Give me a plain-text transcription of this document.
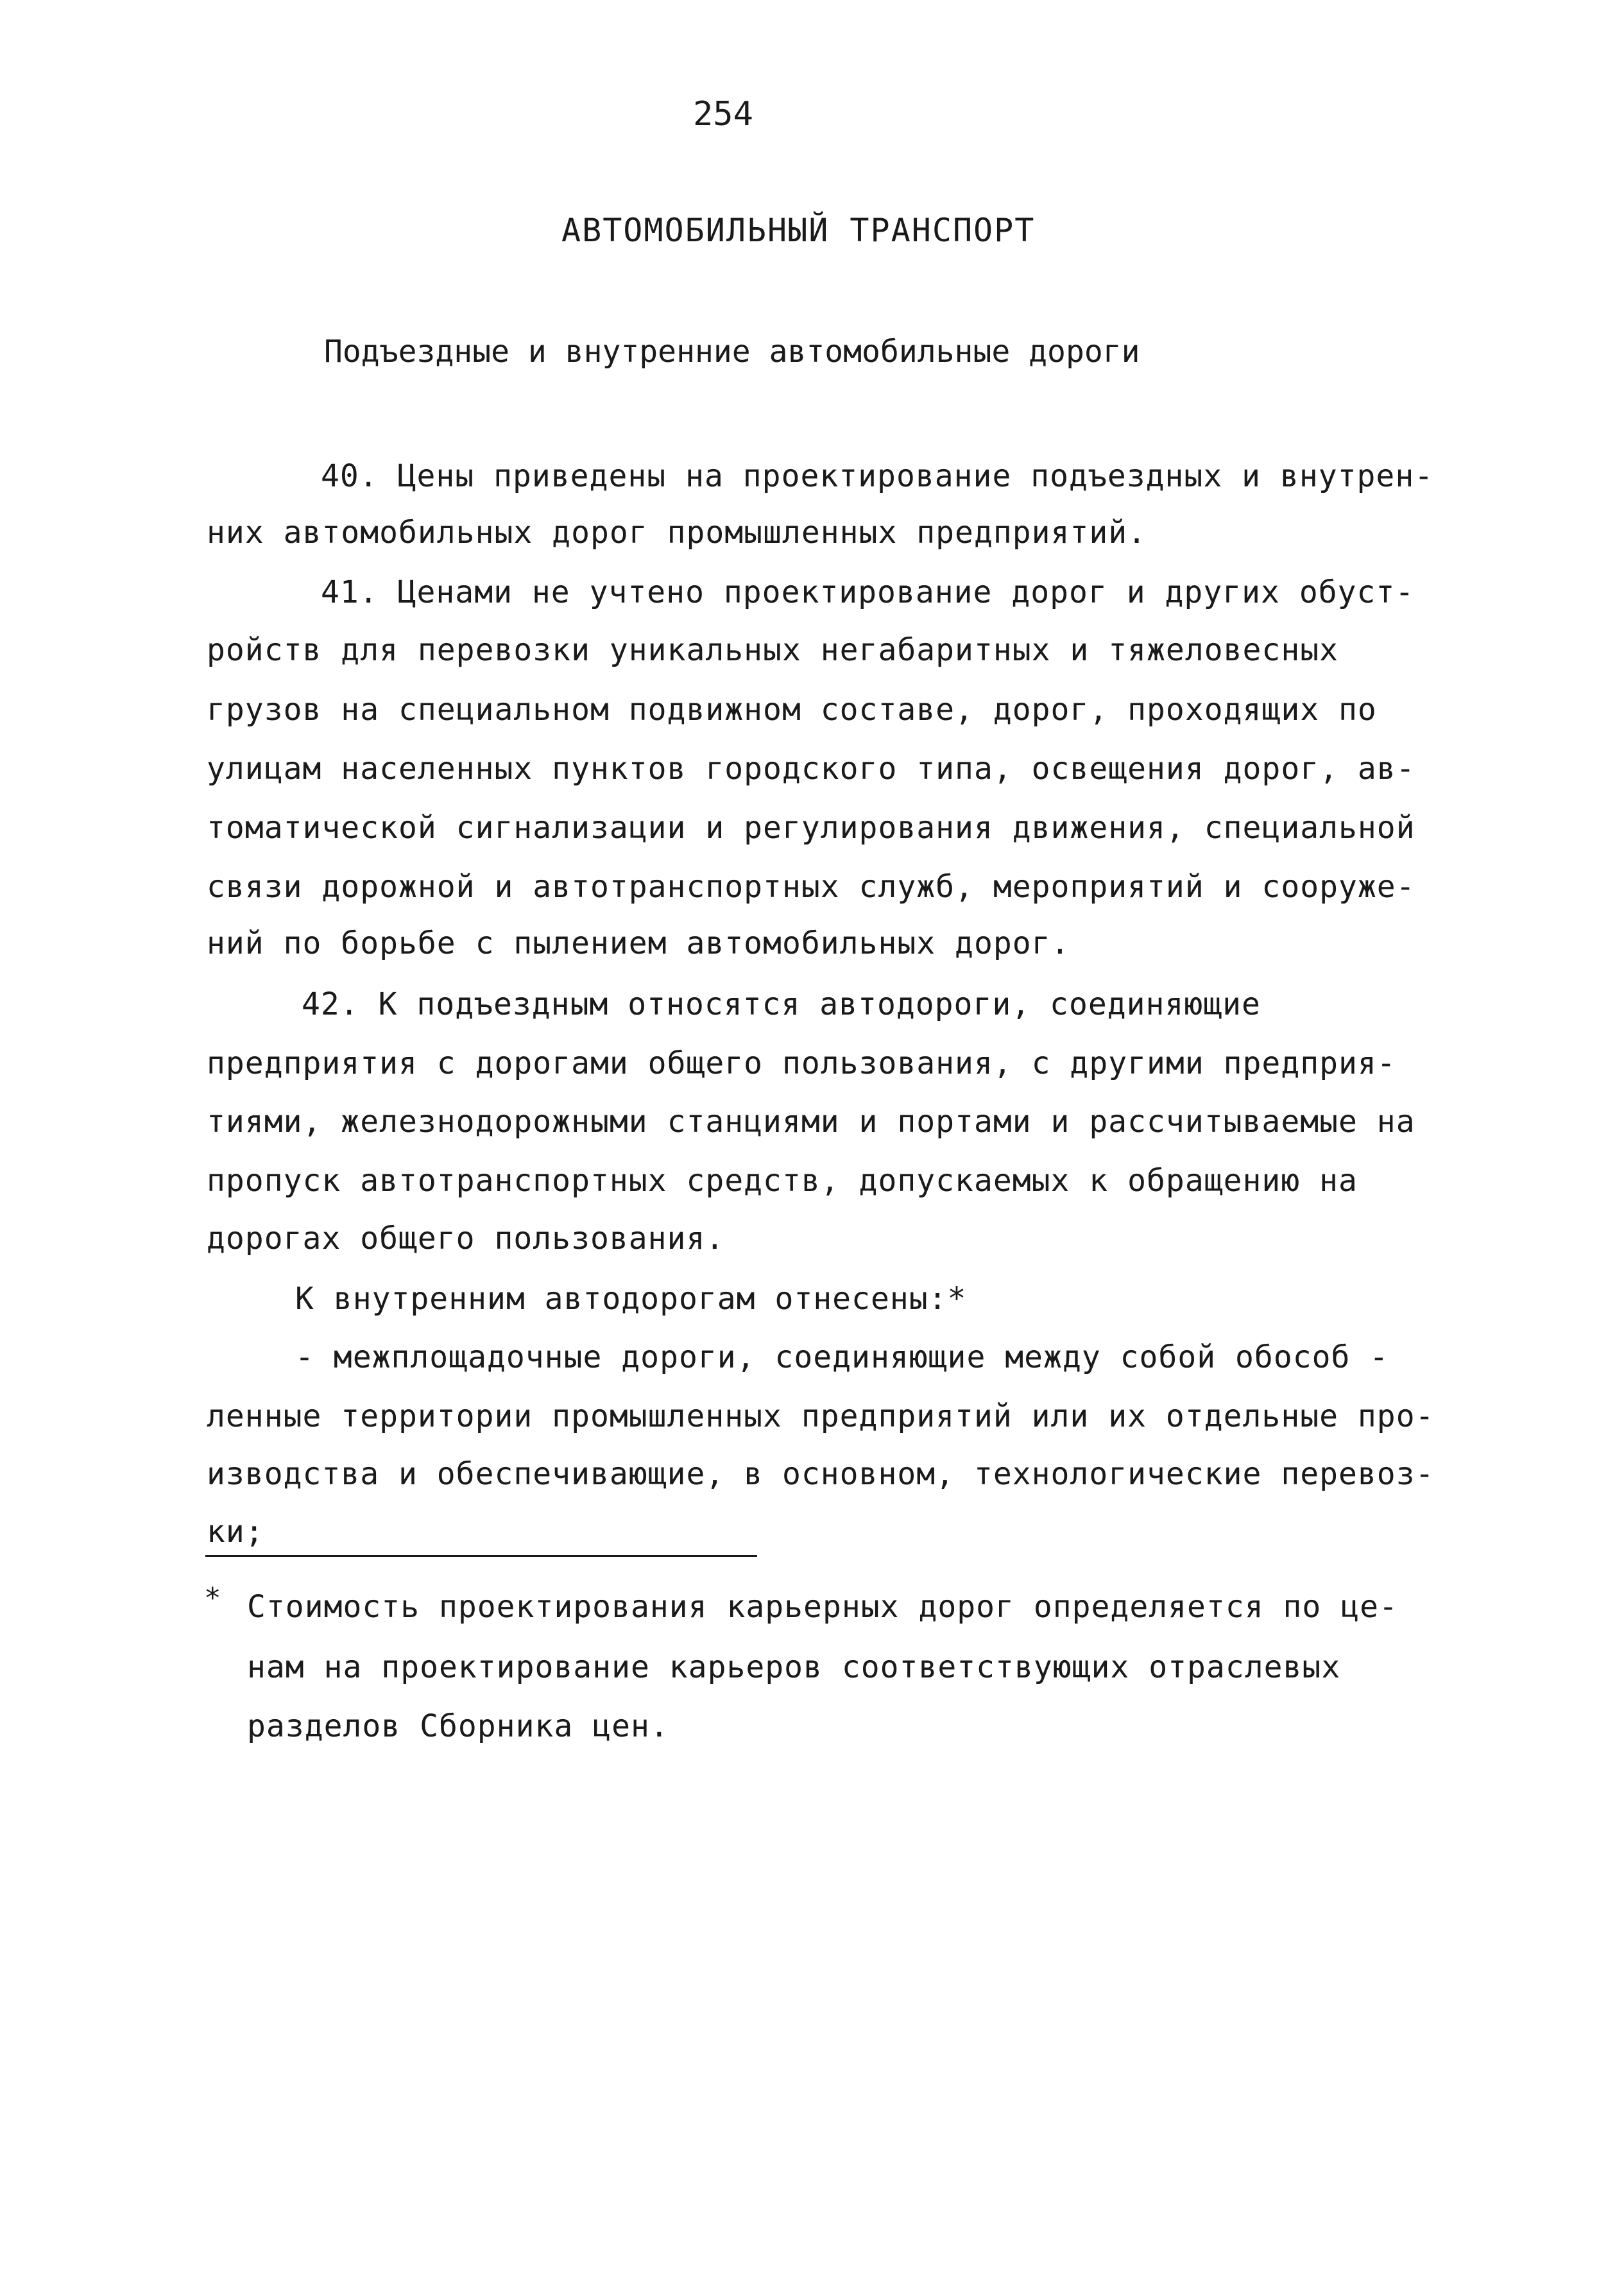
254
АВТОМОБИЛЬНЫЙ ТРАНСПОРТ
Подъездные и внутренние автомобильные дороги
40. Цены приведены на проектирование подъездных и внутрен-
них автомобильных дорог промышленных предприятий.
41. Ценами не учтено проектирование дорог и других обуст-
ройств для перевозки уникальных негабаритных и тяжеловесных
грузов на специальном подвижном составе, дорог, проходящих по
улицам населенных пунктов городского типа, освещения дорог, ав-
томатической сигнализации и регулирования движения, специальной
связи дорожной и автотранспортных служб, мероприятий и сооруже-
ний по борьбе с пылением автомобильных дорог.
42. К подъездным относятся автодороги, соединяющие
предприятия с дорогами общего пользования, с другими предприя-
тиями, железнодорожными станциями и портами и рассчитываемые на
пропуск автотранспортных средств, допускаемых к обращению на
дорогах общего пользования.
К внутренним автодорогам отнесены:*
- межплощадочные дороги, соединяющие между собой обособ -
ленные территории промышленных предприятий или их отдельные про-
изводства и обеспечивающие, в основном, технологические перевоз-
ки;
* Стоимость проектирования карьерных дорог определяется по це-
нам на проектирование карьеров соответствующих отраслевых
разделов Сборника цен.
